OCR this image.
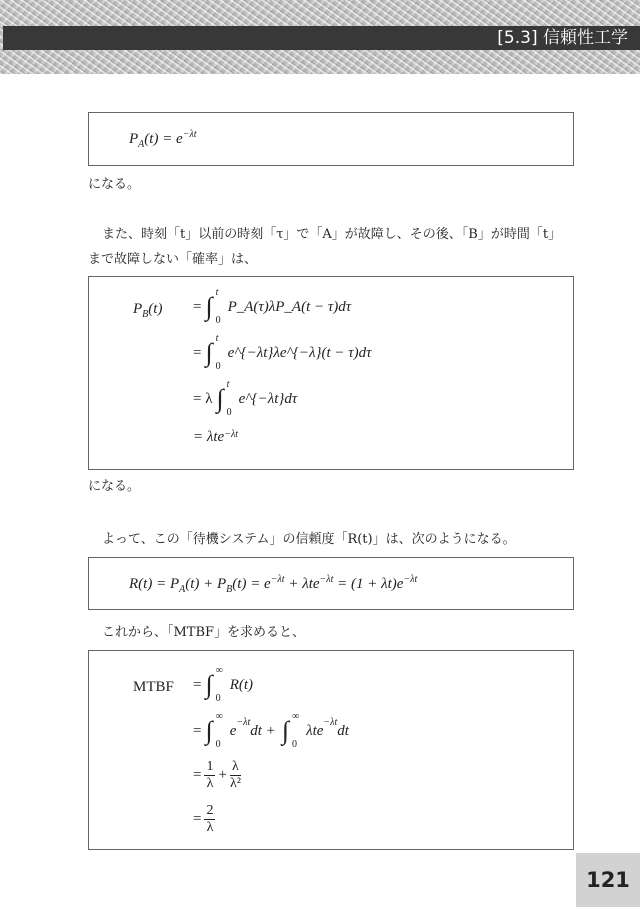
[5.3] 信頼性工学
$P_A(t) = e^{-\lambda t}$
になる。
また、時刻「t」以前の時刻「τ」で「A」が故障し、その後、「B」が時間「t」
まで故障しない「確率」は、
$P_B(t)$	= ∫ t
0
P_A(τ)λP_A(t − τ)dτ
= ∫ t
0
e^{−λt}λe^{−λ}(t − τ)dτ
= λ ∫ t
0
e^{−λt}dτ
= λte$^{-\lambda t}$
になる。
よって、この「待機システム」の信頼度「R(t)」は、次のようになる。
$R(t) = P_A(t) + P_B(t) = e^{-\lambda t} + \lambda te^{-\lambda t} = (1 + \lambda t)e^{-\lambda t}$
これから、「MTBF」を求めると、
MTBF	= ∫ ∞
0
R(t)
= ∫ ∞
0
$e^{-\lambda t}$ dt + ∫ ∞
0
λte$^{-\lambda t}$ dt
= $\frac{1}{\lambda} + \frac{\lambda}{\text{λ²}}$
= $\frac{2}{\lambda}$
121
